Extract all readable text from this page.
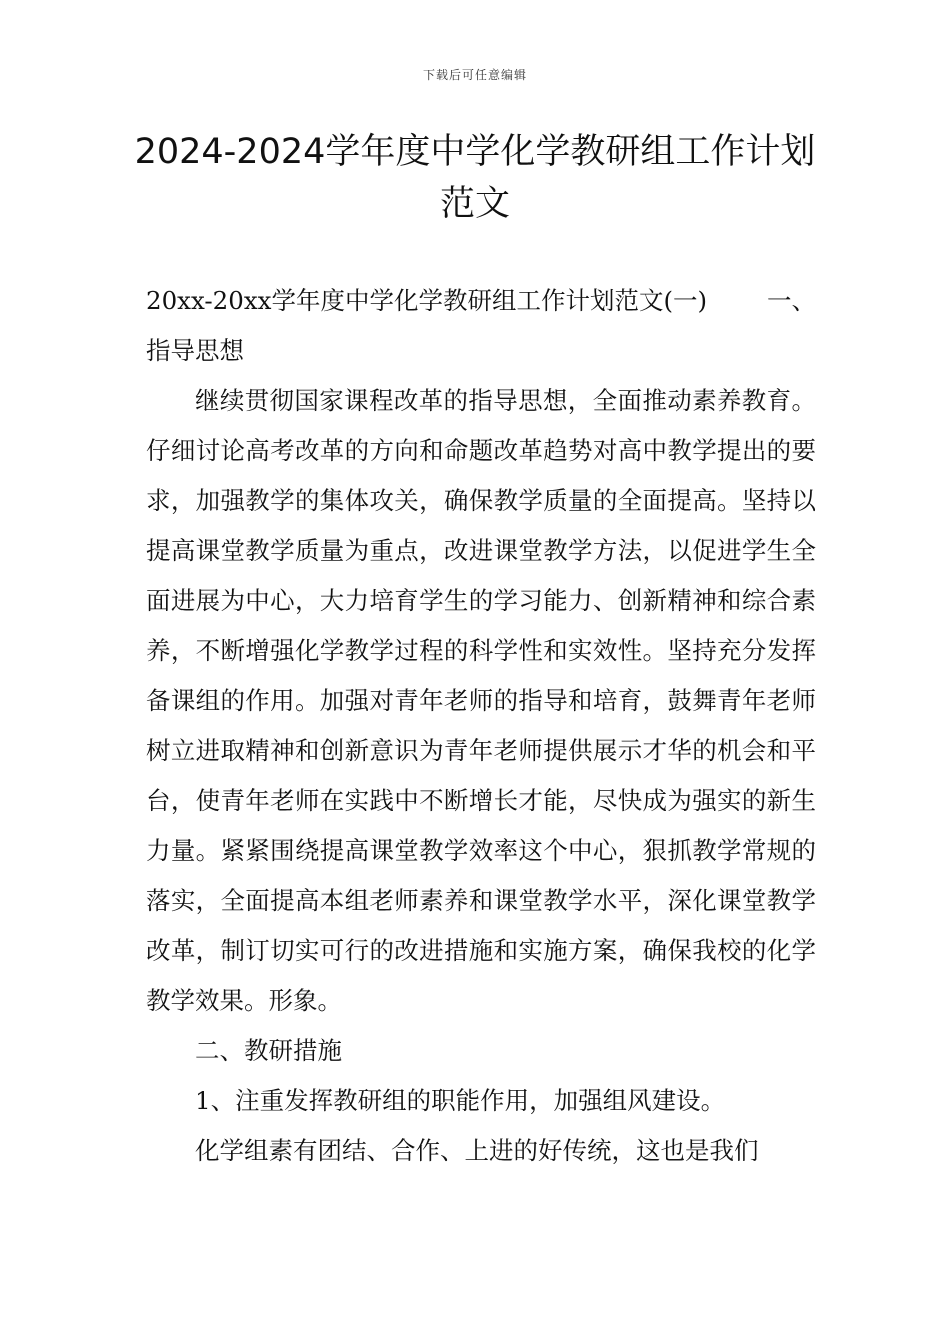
下载后可任意编辑
2024-2024学年度中学化学教研组工作计划范文
20xx-20xx学年度中学化学教研组工作计划范文(一) 一、

指导思想

继续贯彻国家课程改革的指导思想，全面推动素养教育。仔细讨论高考改革的方向和命题改革趋势对高中教学提出的要求，加强教学的集体攻关，确保教学质量的全面提高。坚持以提高课堂教学质量为重点，改进课堂教学方法，以促进学生全面进展为中心，大力培育学生的学习能力、创新精神和综合素养，不断增强化学教学过程的科学性和实效性。坚持充分发挥备课组的作用。加强对青年老师的指导和培育，鼓舞青年老师树立进取精神和创新意识为青年老师提供展示才华的机会和平台，使青年老师在实践中不断增长才能，尽快成为强实的新生力量。紧紧围绕提高课堂教学效率这个中心，狠抓教学常规的落实，全面提高本组老师素养和课堂教学水平，深化课堂教学改革，制订切实可行的改进措施和实施方案，确保我校的化学教学效果。形象。

二、教研措施

1、注重发挥教研组的职能作用，加强组风建设。

化学组素有团结、合作、上进的好传统，这也是我们
